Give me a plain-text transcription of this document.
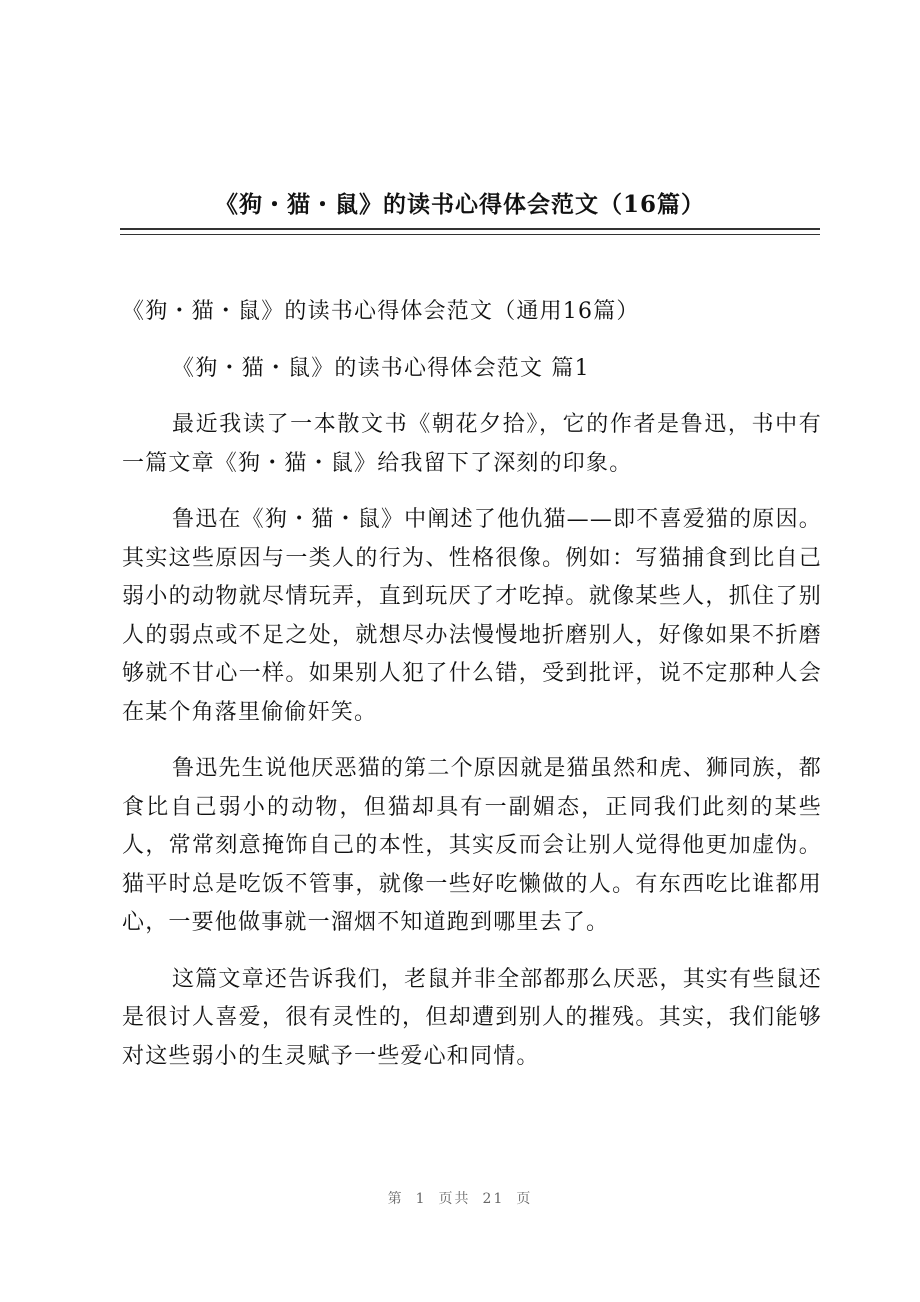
《狗・猫・鼠》的读书心得体会范文（16篇）

《狗・猫・鼠》的读书心得体会范文（通用16篇）

《狗・猫・鼠》的读书心得体会范文 篇1

最近我读了一本散文书《朝花夕拾》，它的作者是鲁迅，书中有一篇文章《狗・猫・鼠》给我留下了深刻的印象。

鲁迅在《狗・猫・鼠》中阐述了他仇猫——即不喜爱猫的原因。其实这些原因与一类人的行为、性格很像。例如：写猫捕食到比自己弱小的动物就尽情玩弄，直到玩厌了才吃掉。就像某些人，抓住了别人的弱点或不足之处，就想尽办法慢慢地折磨别人，好像如果不折磨够就不甘心一样。如果别人犯了什么错，受到批评，说不定那种人会在某个角落里偷偷奸笑。

鲁迅先生说他厌恶猫的第二个原因就是猫虽然和虎、狮同族，都食比自己弱小的动物，但猫却具有一副媚态，正同我们此刻的某些人，常常刻意掩饰自己的本性，其实反而会让别人觉得他更加虚伪。猫平时总是吃饭不管事，就像一些好吃懒做的人。有东西吃比谁都用心，一要他做事就一溜烟不知道跑到哪里去了。

这篇文章还告诉我们，老鼠并非全部都那么厌恶，其实有些鼠还是很讨人喜爱，很有灵性的，但却遭到别人的摧残。其实，我们能够对这些弱小的生灵赋予一些爱心和同情。

第 1 页共 21 页
